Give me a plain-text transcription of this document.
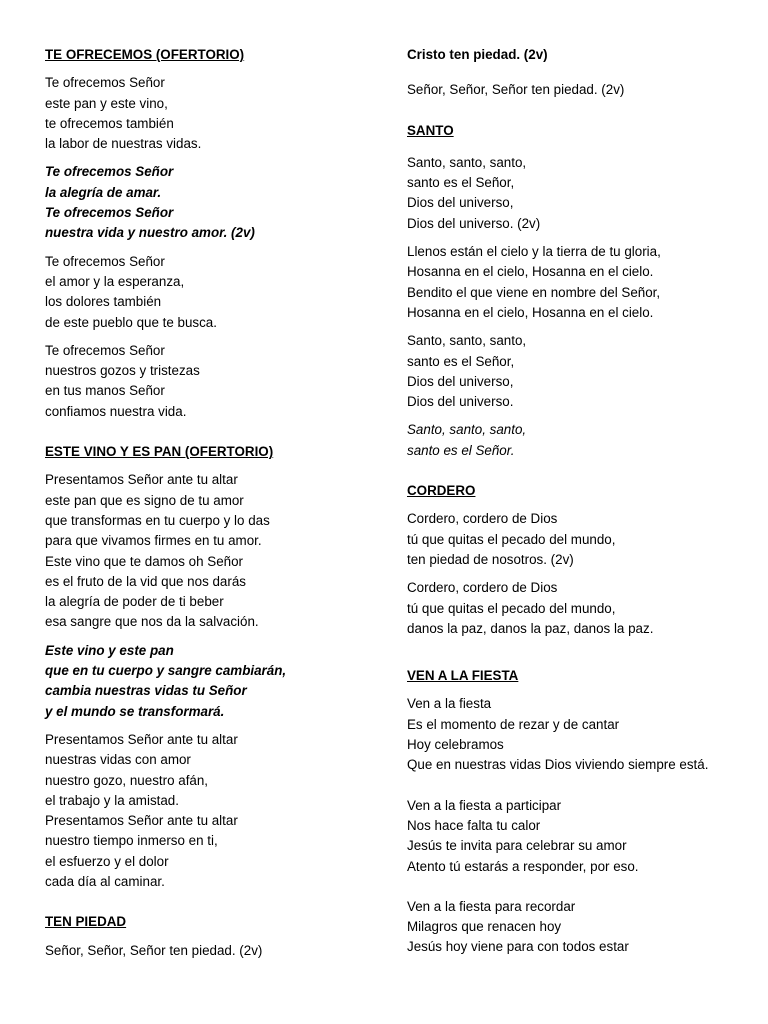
TE OFRECEMOS (OFERTORIO)
Te ofrecemos Señor
este pan y este vino,
te ofrecemos también
la labor de nuestras vidas.
Te ofrecemos Señor
la alegría de amar.
Te ofrecemos Señor
nuestra vida y nuestro amor. (2v)
Te ofrecemos Señor
el amor y la esperanza,
los dolores también
de este pueblo que te busca.
Te ofrecemos Señor
nuestros gozos y tristezas
en tus manos Señor
confiamos nuestra vida.
ESTE VINO Y ES PAN (OFERTORIO)
Presentamos Señor ante tu altar
este pan que es signo de tu amor
que transformas en tu cuerpo y lo das
para que vivamos firmes en tu amor.
Este vino que te damos oh Señor
es el fruto de la vid que nos darás
la alegría de poder de ti beber
esa sangre que nos da la salvación.
Este vino y este pan
que en tu cuerpo y sangre cambiarán,
cambia nuestras vidas tu Señor
y el mundo se transformará.
Presentamos Señor ante tu altar
nuestras vidas con amor
nuestro gozo, nuestro afán,
el trabajo y la amistad.
Presentamos Señor ante tu altar
nuestro tiempo inmerso en ti,
el esfuerzo y el dolor
cada día al caminar.
TEN PIEDAD
Señor, Señor, Señor ten piedad. (2v)
Cristo ten piedad. (2v)
Señor, Señor, Señor ten piedad. (2v)
SANTO
Santo, santo, santo,
santo es el Señor,
Dios del universo,
Dios del universo. (2v)
Llenos están el cielo y la tierra de tu gloria,
Hosanna en el cielo, Hosanna en el cielo.
Bendito el que viene en nombre del Señor,
Hosanna en el cielo, Hosanna en el cielo.
Santo, santo, santo,
santo es el Señor,
Dios del universo,
Dios del universo.
Santo, santo, santo,
santo es el Señor.
CORDERO
Cordero, cordero de Dios
tú que quitas el pecado del mundo,
ten piedad de nosotros. (2v)
Cordero, cordero de Dios
tú que quitas el pecado del mundo,
danos la paz, danos la paz, danos la paz.
VEN A LA FIESTA
Ven a la fiesta
Es el momento de rezar y de cantar
Hoy celebramos
Que en nuestras vidas Dios viviendo siempre está.
Ven a la fiesta a participar
Nos hace falta tu calor
Jesús te invita para celebrar su amor
Atento tú estarás a responder, por eso.
Ven a la fiesta para recordar
Milagros que renacen hoy
Jesús hoy viene para con todos estar
